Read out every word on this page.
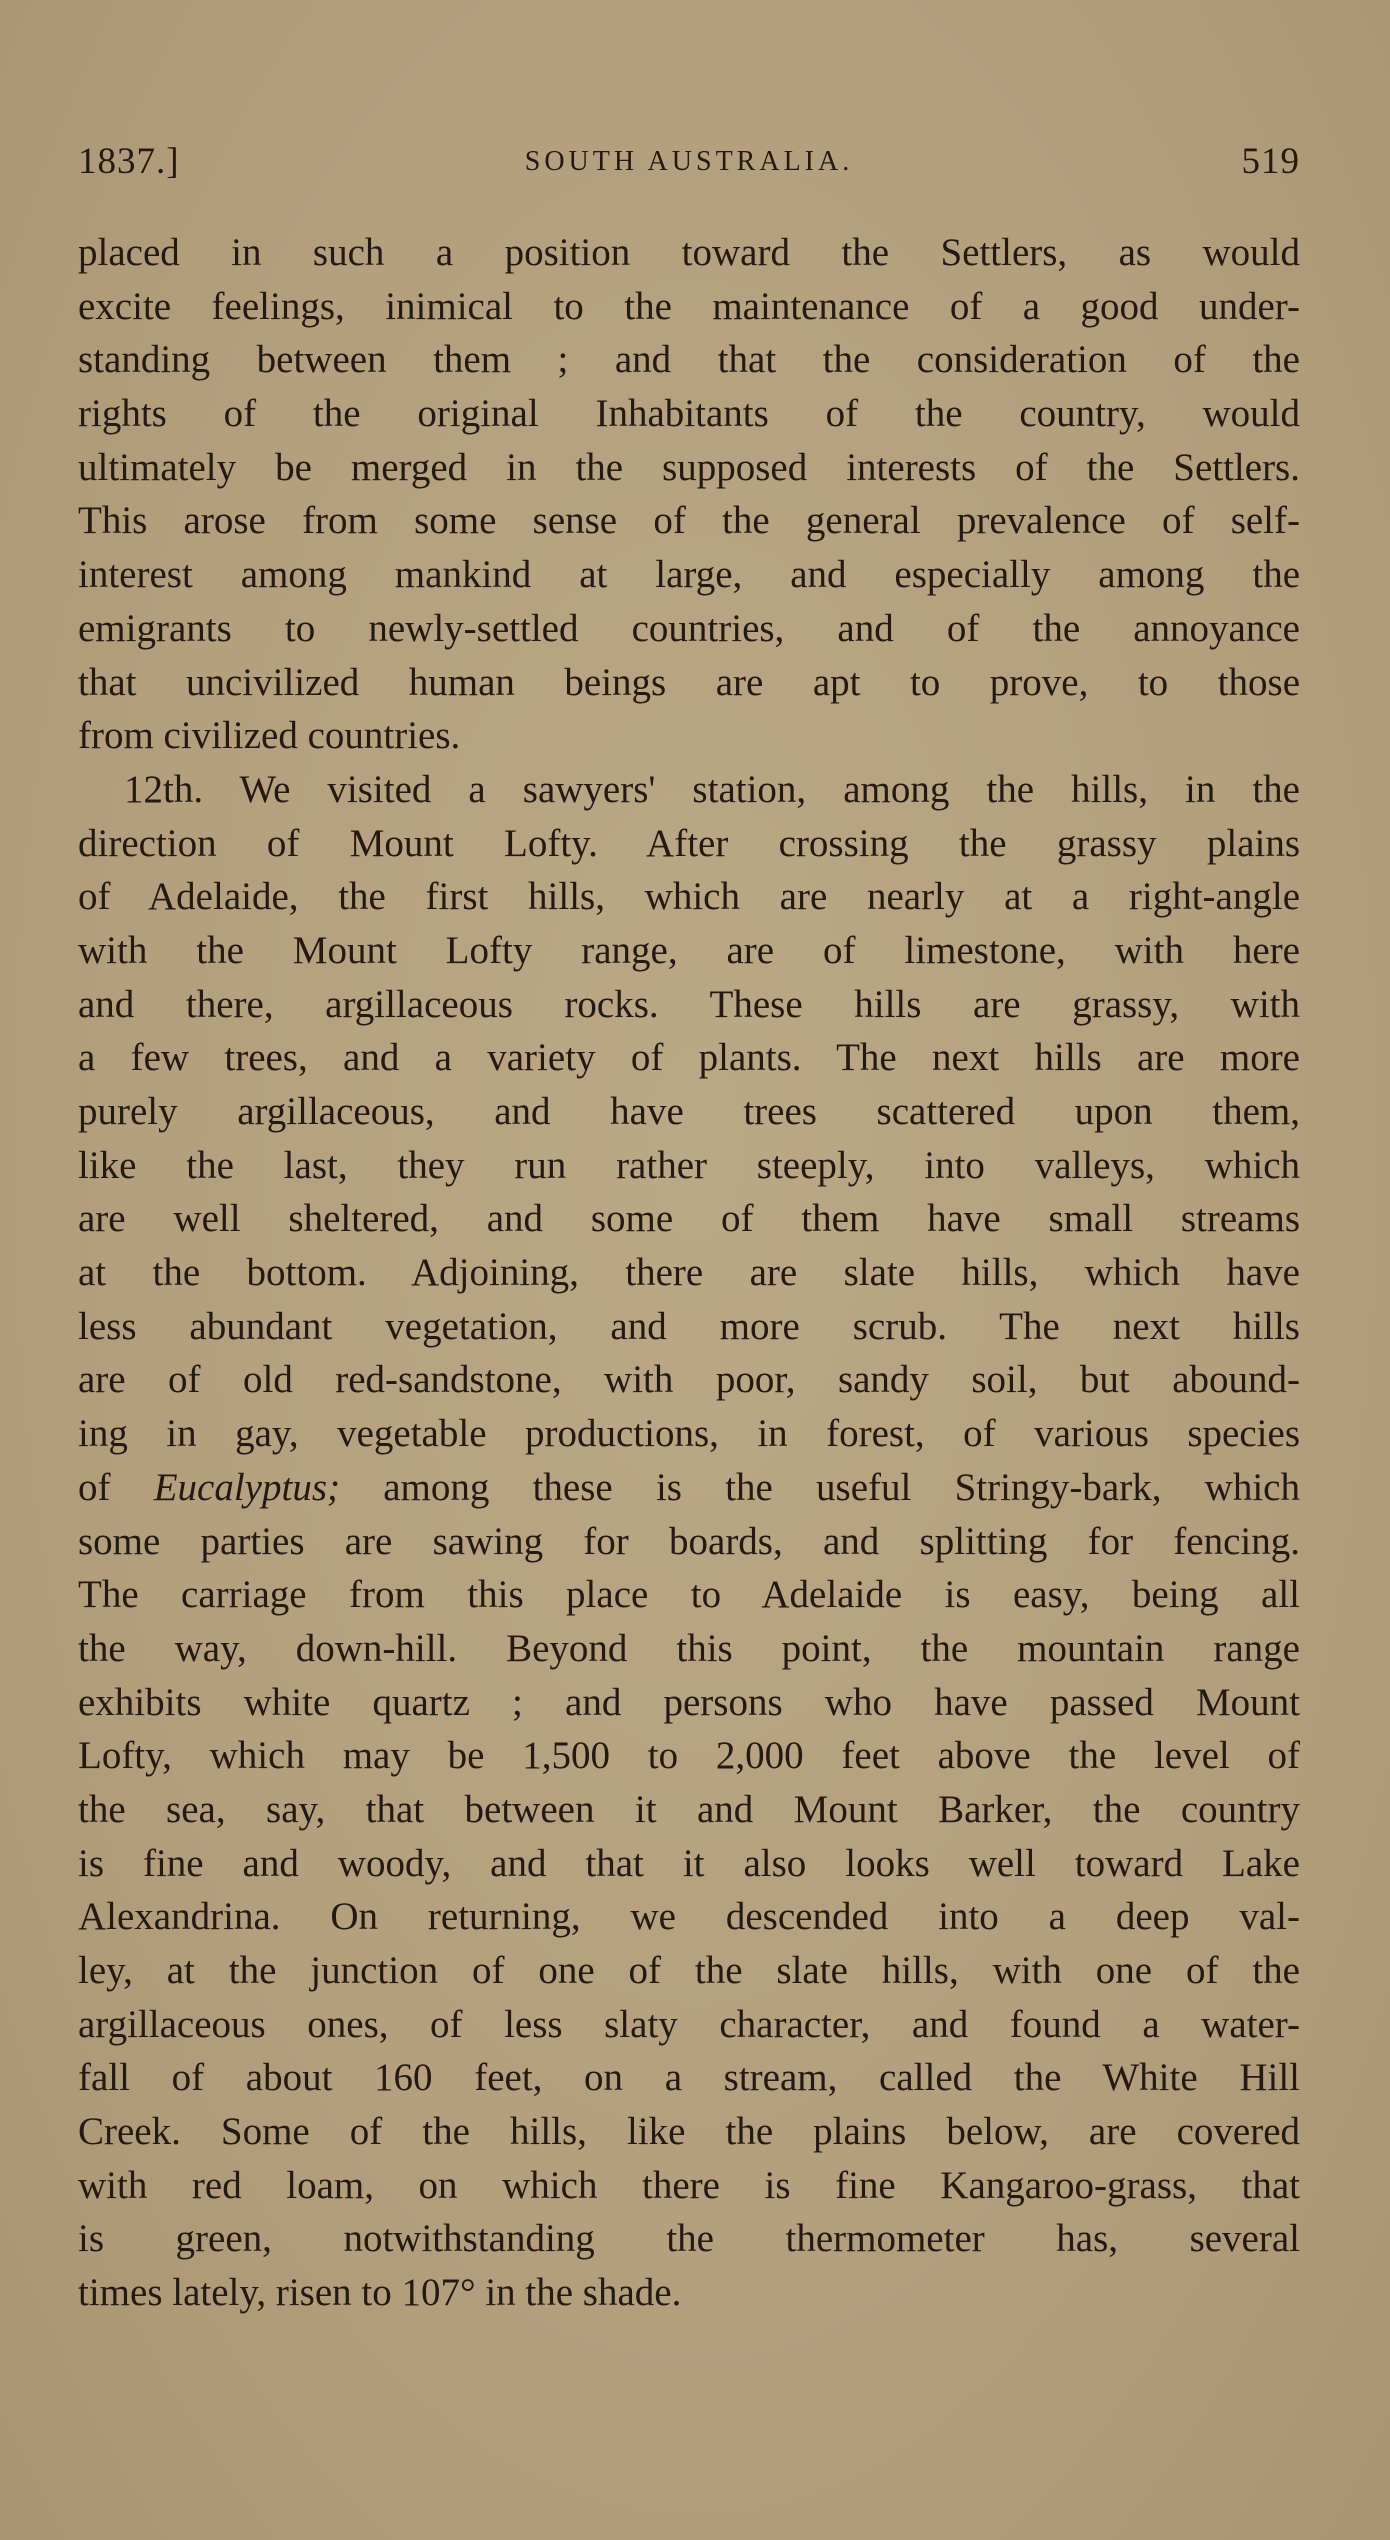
1837.]	SOUTH AUSTRALIA.	519
placed in such a position toward the Settlers, as would
excite feelings, inimical to the maintenance of a good under-
standing between them ; and that the consideration of the
rights of the original Inhabitants of the country, would
ultimately be merged in the supposed interests of the Settlers.
This arose from some sense of the general prevalence of self-
interest among mankind at large, and especially among the
emigrants to newly-settled countries, and of the annoyance
that uncivilized human beings are apt to prove, to those
from civilized countries.
12th. We visited a sawyers' station, among the hills, in the
direction of Mount Lofty. After crossing the grassy plains
of Adelaide, the first hills, which are nearly at a right-angle
with the Mount Lofty range, are of limestone, with here
and there, argillaceous rocks. These hills are grassy, with
a few trees, and a variety of plants. The next hills are more
purely argillaceous, and have trees scattered upon them,
like the last, they run rather steeply, into valleys, which
are well sheltered, and some of them have small streams
at the bottom. Adjoining, there are slate hills, which have
less abundant vegetation, and more scrub. The next hills
are of old red-sandstone, with poor, sandy soil, but abound-
ing in gay, vegetable productions, in forest, of various species
of Eucalyptus; among these is the useful Stringy-bark, which
some parties are sawing for boards, and splitting for fencing.
The carriage from this place to Adelaide is easy, being all
the way, down-hill. Beyond this point, the mountain range
exhibits white quartz ; and persons who have passed Mount
Lofty, which may be 1,500 to 2,000 feet above the level of
the sea, say, that between it and Mount Barker, the country
is fine and woody, and that it also looks well toward Lake
Alexandrina. On returning, we descended into a deep val-
ley, at the junction of one of the slate hills, with one of the
argillaceous ones, of less slaty character, and found a water-
fall of about 160 feet, on a stream, called the White Hill
Creek. Some of the hills, like the plains below, are covered
with red loam, on which there is fine Kangaroo-grass, that
is green, notwithstanding the thermometer has, several
times lately, risen to 107° in the shade.
